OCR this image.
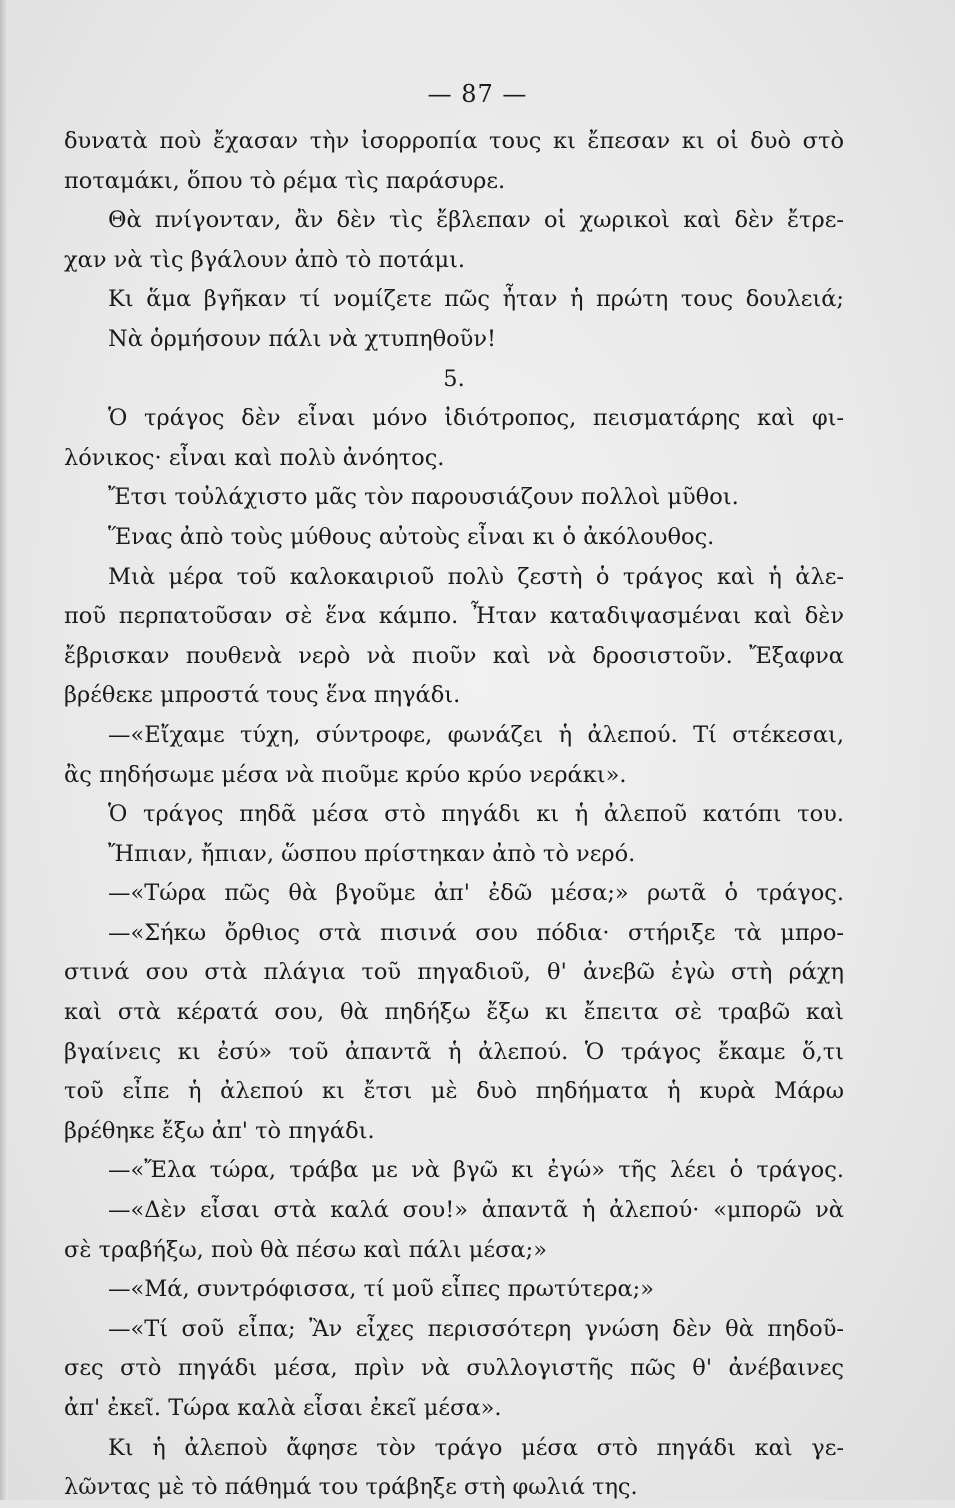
— 87 —
δυνατὰ ποὺ ἔχασαν τὴν ἰσορροπία τους κι ἔπεσαν κι οἱ δυὸ στὸ
ποταμάκι, ὅπου τὸ ρέμα τὶς παράσυρε.
Θὰ πνίγονταν, ἂν δὲν τὶς ἔβλεπαν οἱ χωρικοὶ καὶ δὲν ἔτρε-
χαν νὰ τὶς βγάλουν ἀπὸ τὸ ποτάμι.
Κι ἅμα βγῆκαν τί νομίζετε πῶς ἦταν ἡ πρώτη τους δουλειά;
Νὰ ὁρμήσουν πάλι νὰ χτυπηθοῦν!
5.
Ὁ τράγος δὲν εἶναι μόνο ἰδιότροπος, πεισματάρης καὶ φι-
λόνικος· εἶναι καὶ πολὺ ἀνόητος.
Ἔτσι τοὐλάχιστο μᾶς τὸν παρουσιάζουν πολλοὶ μῦθοι.
Ἕνας ἀπὸ τοὺς μύθους αὐτοὺς εἶναι κι ὁ ἀκόλουθος.
Μιὰ μέρα τοῦ καλοκαιριοῦ πολὺ ζεστὴ ὁ τράγος καὶ ἡ ἀλε-
ποῦ περπατοῦσαν σὲ ἕνα κάμπο. Ἦταν καταδιψασμέναι καὶ δὲν
ἔβρισκαν πουθενὰ νερὸ νὰ πιοῦν καὶ νὰ δροσιστοῦν. Ἔξαφνα
βρέθεκε μπροστά τους ἕνα πηγάδι.
—«Εἴχαμε τύχη, σύντροφε, φωνάζει ἡ ἀλεπού. Τί στέκεσαι,
ἂς πηδήσωμε μέσα νὰ πιοῦμε κρύο κρύο νεράκι».
Ὁ τράγος πηδᾶ μέσα στὸ πηγάδι κι ἡ ἀλεποῦ κατόπι του.
Ἤπιαν, ἤπιαν, ὥσπου πρίστηκαν ἀπὸ τὸ νερό.
—«Τώρα πῶς θὰ βγοῦμε ἀπ' ἐδῶ μέσα;» ρωτᾶ ὁ τράγος.
—«Σήκω ὄρθιος στὰ πισινά σου πόδια· στήριξε τὰ μπρο-
στινά σου στὰ πλάγια τοῦ πηγαδιοῦ, θ' ἀνεβῶ ἐγὼ στὴ ράχη
καὶ στὰ κέρατά σου, θὰ πηδήξω ἔξω κι ἔπειτα σὲ τραβῶ καὶ
βγαίνεις κι ἐσύ» τοῦ ἀπαντᾶ ἡ ἀλεπού. Ὁ τράγος ἔκαμε ὅ,τι
τοῦ εἶπε ἡ ἀλεπού κι ἔτσι μὲ δυὸ πηδήματα ἡ κυρὰ Μάρω
βρέθηκε ἔξω ἀπ' τὸ πηγάδι.
—«Ἔλα τώρα, τράβα με νὰ βγῶ κι ἐγώ» τῆς λέει ὁ τράγος.
—«Δὲν εἶσαι στὰ καλά σου!» ἀπαντᾶ ἡ ἀλεπού· «μπορῶ νὰ
σὲ τραβήξω, ποὺ θὰ πέσω καὶ πάλι μέσα;»
—«Μά, συντρόφισσα, τί μοῦ εἶπες πρωτύτερα;»
—«Τί σοῦ εἶπα; Ἂν εἶχες περισσότερη γνώση δὲν θὰ πηδοῦ-
σες στὸ πηγάδι μέσα, πρὶν νὰ συλλογιστῆς πῶς θ' ἀνέβαινες
ἀπ' ἐκεῖ. Τώρα καλὰ εἶσαι ἐκεῖ μέσα».
Κι ἡ ἀλεποὺ ἄφησε τὸν τράγο μέσα στὸ πηγάδι καὶ γε-
λῶντας μὲ τὸ πάθημά του τράβηξε στὴ φωλιά της.
